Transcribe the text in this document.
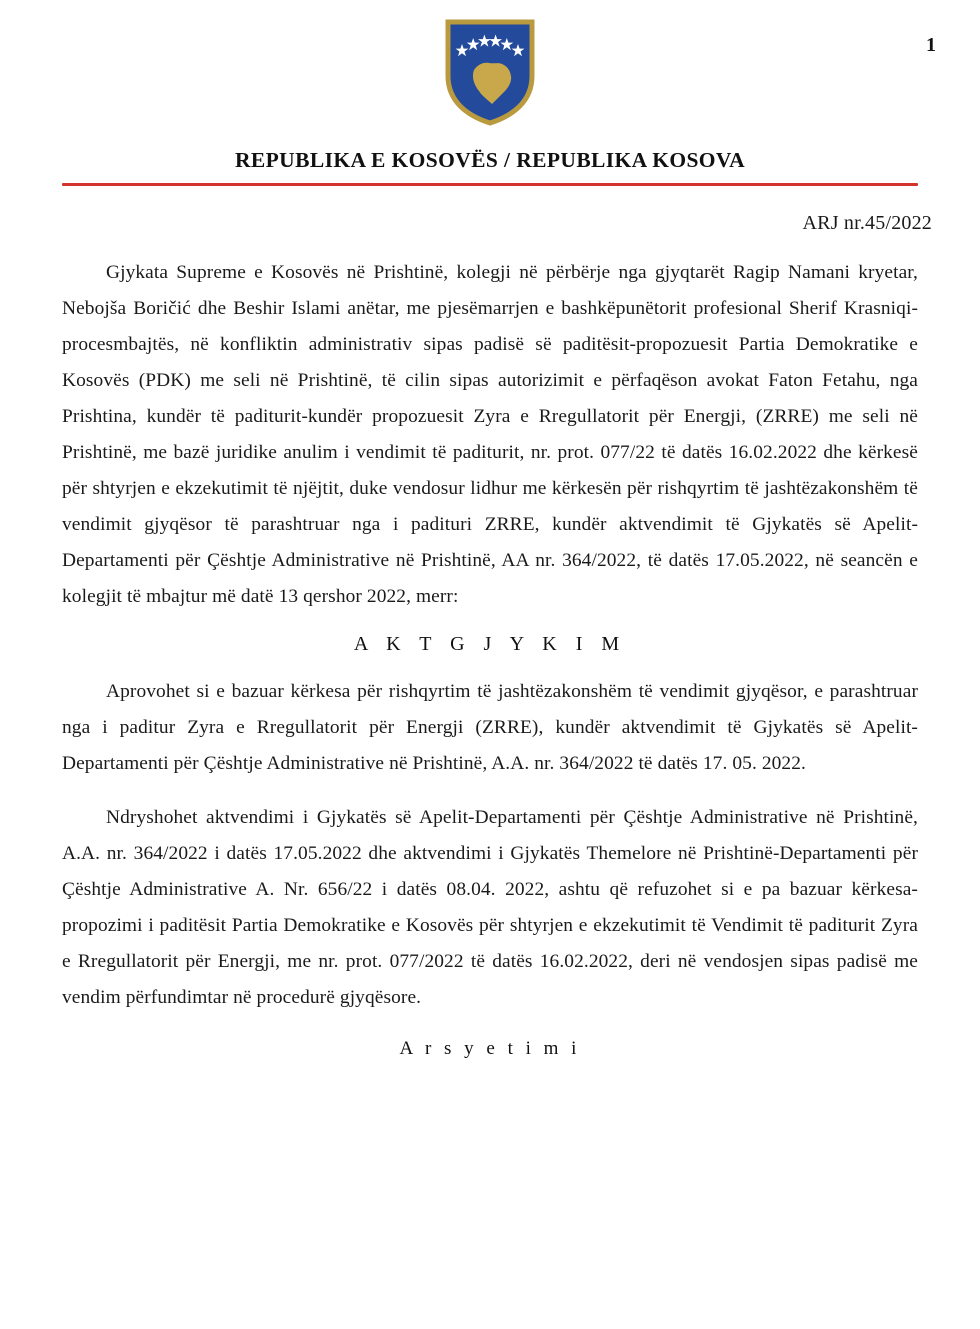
1
REPUBLIKA E KOSOVËS / REPUBLIKA KOSOVA
ARJ nr.45/2022

Gjykata Supreme e Kosovës në Prishtinë, kolegji në përbërje nga gjyqtarët Ragip Namani kryetar, Nebojša Boričić dhe Beshir Islami anëtar, me pjesëmarrjen e bashkëpunëtorit profesional Sherif Krasniqi-procesmbajtës, në konfliktin administrativ sipas padisë së paditësit-propozuesit Partia Demokratike e Kosovës (PDK) me seli në Prishtinë, të cilin sipas autorizimit e përfaqëson avokat Faton Fetahu, nga Prishtina, kundër të paditurit-kundër propozuesit Zyra e Rregullatorit për Energji, (ZRRE) me seli në Prishtinë, me bazë juridike anulim i vendimit të paditurit, nr. prot. 077/22 të datës 16.02.2022 dhe kërkesë për shtyrjen e ekzekutimit të njëjtit, duke vendosur lidhur me kërkesën për rishqyrtim të jashtëzakonshëm të vendimit gjyqësor të parashtruar nga i padituri ZRRE, kundër aktvendimit të Gjykatës së Apelit-Departamenti për Çështje Administrative në Prishtinë, AA nr. 364/2022, të datës 17.05.2022, në seancën e kolegjit të mbajtur më datë 13 qershor 2022, merr:

A K T G J Y K I M

Aprovohet si e bazuar kërkesa për rishqyrtim të jashtëzakonshëm të vendimit gjyqësor, e parashtruar nga i paditur Zyra e Rregullatorit për Energji (ZRRE), kundër aktvendimit të Gjykatës së Apelit-Departamenti për Çështje Administrative në Prishtinë, A.A. nr. 364/2022 të datës 17. 05. 2022.

Ndryshohet aktvendimi i Gjykatës së Apelit-Departamenti për Çështje Administrative në Prishtinë, A.A. nr. 364/2022 i datës 17.05.2022 dhe aktvendimi i Gjykatës Themelore në Prishtinë-Departamenti për Çështje Administrative A. Nr. 656/22 i datës 08.04. 2022, ashtu që refuzohet si e pa bazuar kërkesa-propozimi i paditësit Partia Demokratike e Kosovës për shtyrjen e ekzekutimit të Vendimit të paditurit Zyra e Rregullatorit për Energji, me nr. prot. 077/2022 të datës 16.02.2022, deri në vendosjen sipas padisë me vendim përfundimtar në procedurë gjyqësore.

A r s y e t i m i
